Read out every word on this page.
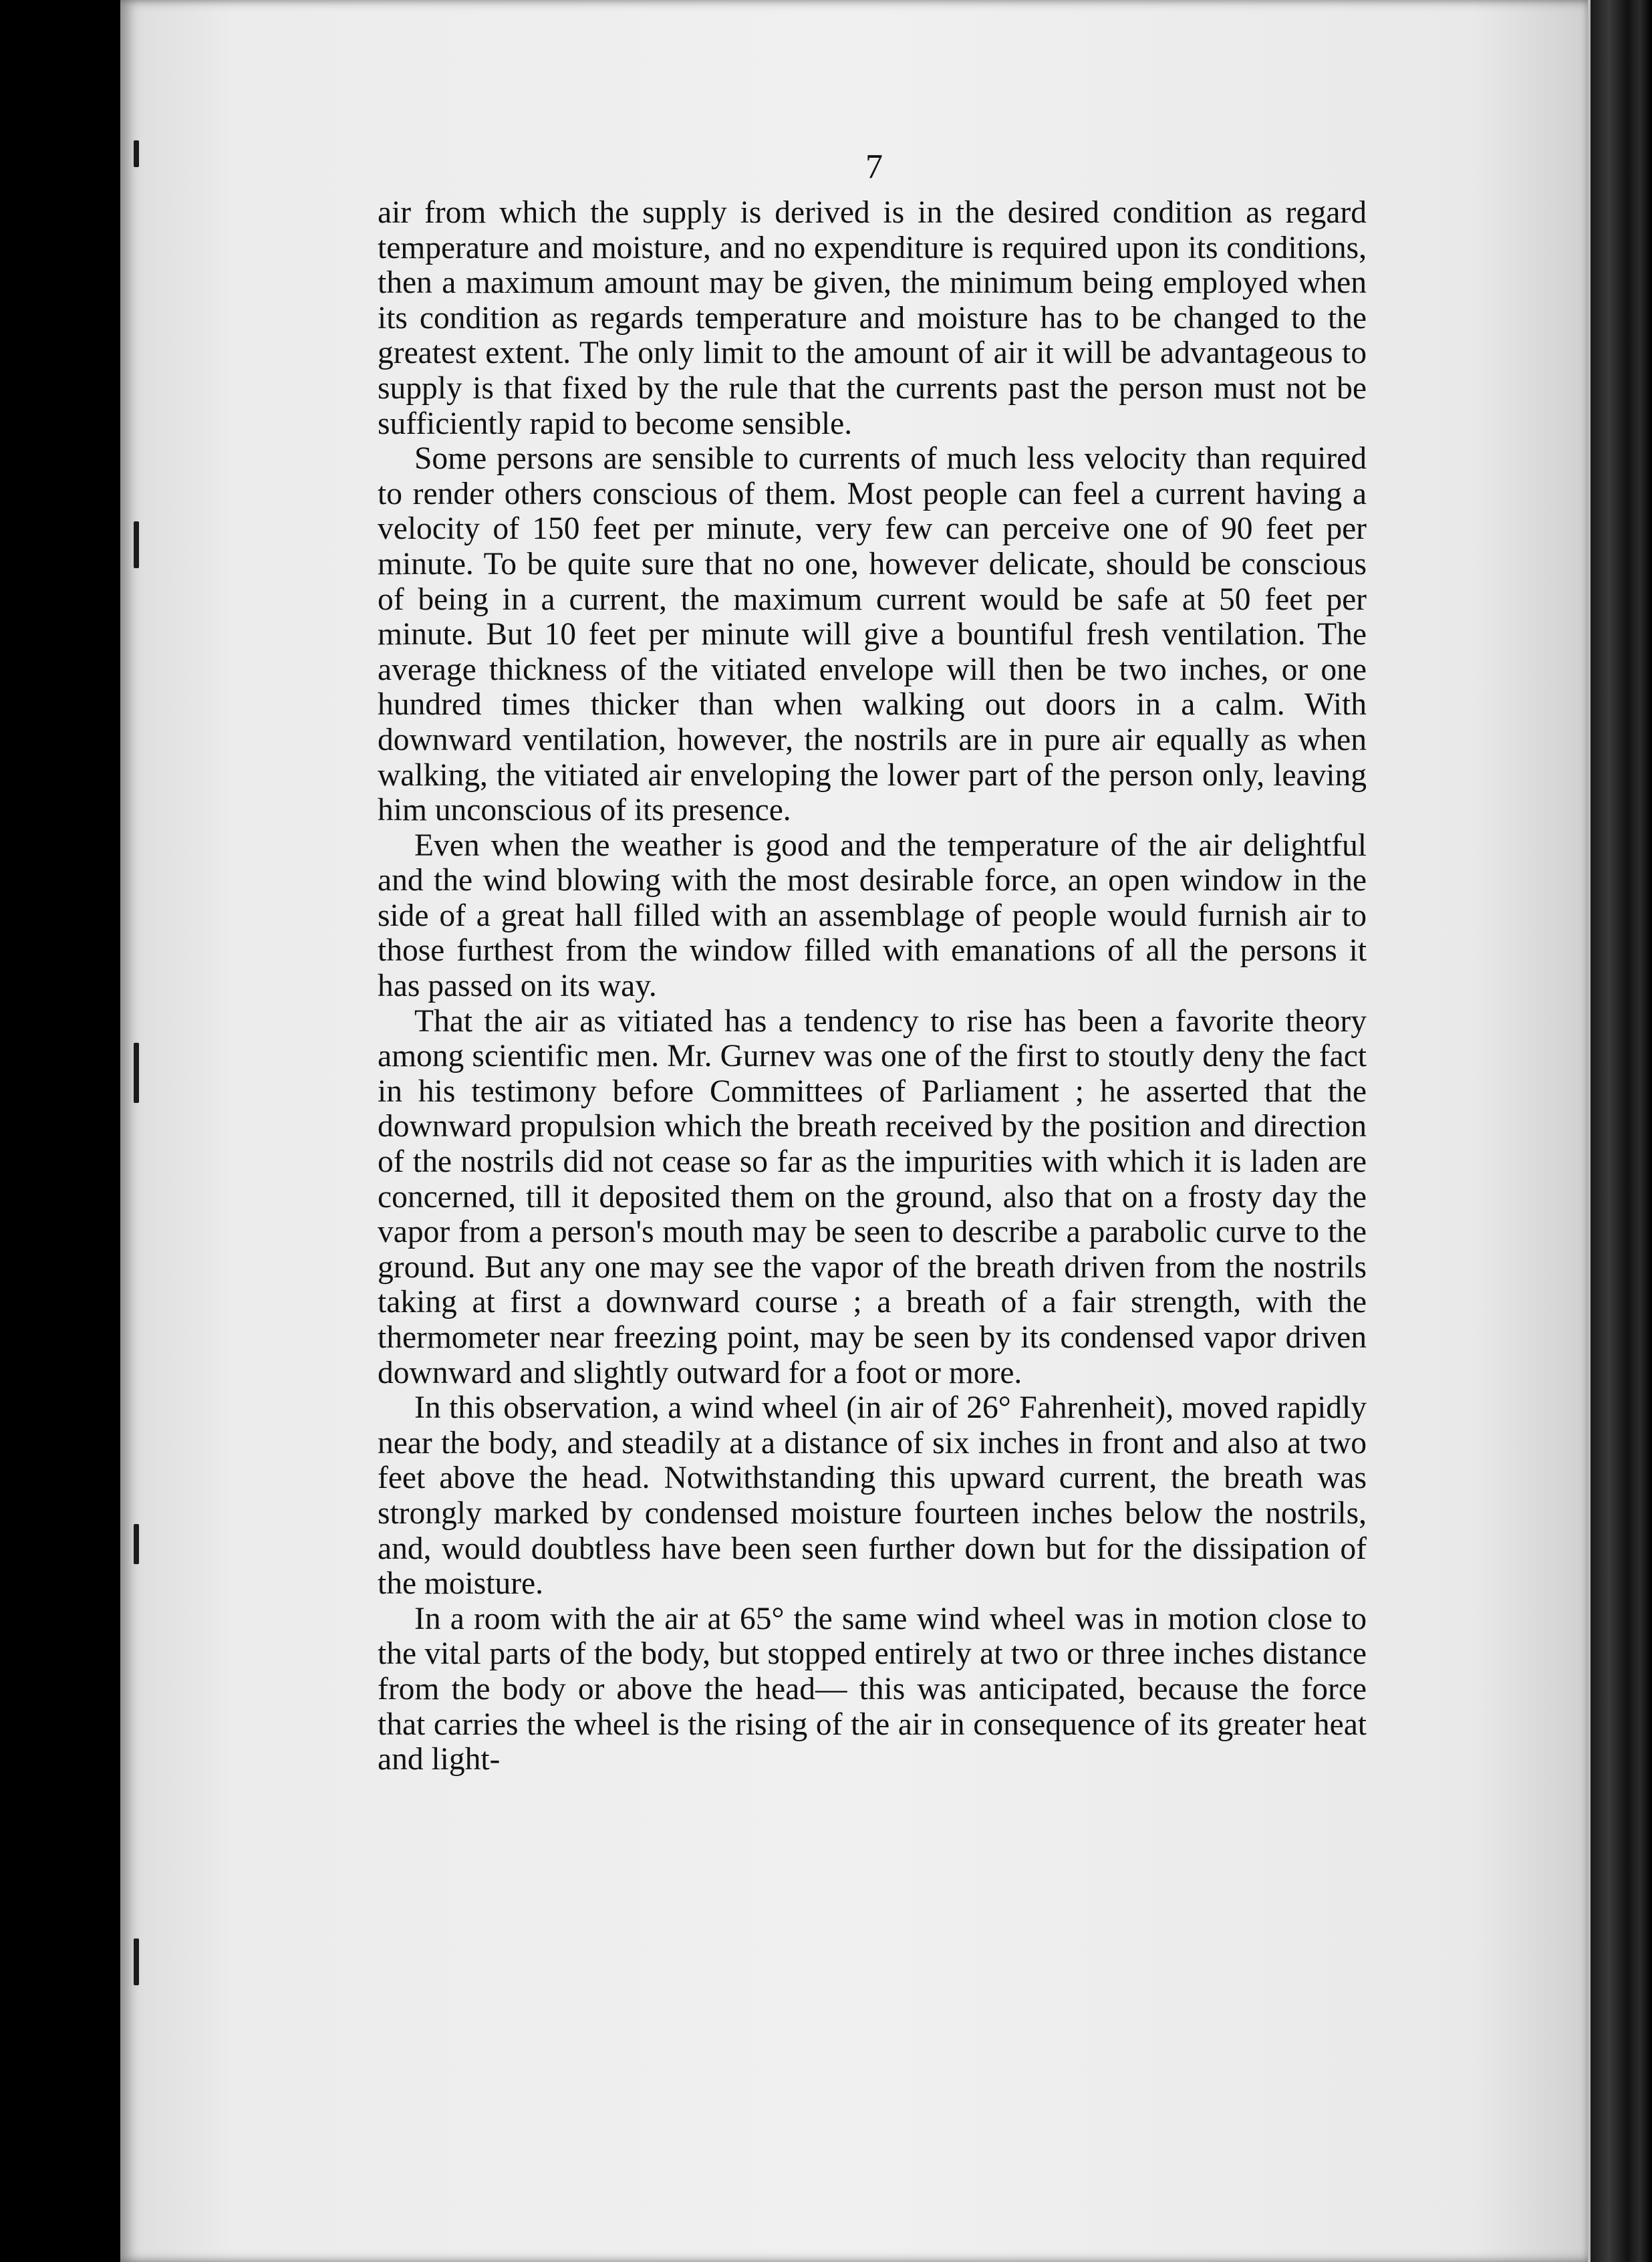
7

air from which the supply is derived is in the desired condition as regard temperature and moisture, and no expenditure is required upon its conditions, then a maximum amount may be given, the minimum being employed when its condition as regards temperature and moisture has to be changed to the greatest extent. The only limit to the amount of air it will be advantageous to supply is that fixed by the rule that the currents past the person must not be sufficiently rapid to become sensible.

Some persons are sensible to currents of much less velocity than required to render others conscious of them. Most people can feel a current having a velocity of 150 feet per minute, very few can perceive one of 90 feet per minute. To be quite sure that no one, however delicate, should be conscious of being in a current, the maximum current would be safe at 50 feet per minute. But 10 feet per minute will give a bountiful fresh ventilation. The average thickness of the vitiated envelope will then be two inches, or one hundred times thicker than when walking out doors in a calm. With downward ventilation, however, the nostrils are in pure air equally as when walking, the vitiated air enveloping the lower part of the person only, leaving him unconscious of its presence.

Even when the weather is good and the temperature of the air delightful and the wind blowing with the most desirable force, an open window in the side of a great hall filled with an assemblage of people would furnish air to those furthest from the window filled with emanations of all the persons it has passed on its way.

That the air as vitiated has a tendency to rise has been a favorite theory among scientific men. Mr. Gurnev was one of the first to stoutly deny the fact in his testimony before Committees of Parliament ; he asserted that the downward propulsion which the breath received by the position and direction of the nostrils did not cease so far as the impurities with which it is laden are concerned, till it deposited them on the ground, also that on a frosty day the vapor from a person's mouth may be seen to describe a parabolic curve to the ground. But any one may see the vapor of the breath driven from the nostrils taking at first a downward course ; a breath of a fair strength, with the thermometer near freezing point, may be seen by its condensed vapor driven downward and slightly outward for a foot or more.

In this observation, a wind wheel (in air of 26° Fahrenheit), moved rapidly near the body, and steadily at a distance of six inches in front and also at two feet above the head. Notwithstanding this upward current, the breath was strongly marked by condensed moisture fourteen inches below the nostrils, and, would doubtless have been seen further down but for the dissipation of the moisture.

In a room with the air at 65° the same wind wheel was in motion close to the vital parts of the body, but stopped entirely at two or three inches distance from the body or above the head— this was anticipated, because the force that carries the wheel is the rising of the air in consequence of its greater heat and light-
